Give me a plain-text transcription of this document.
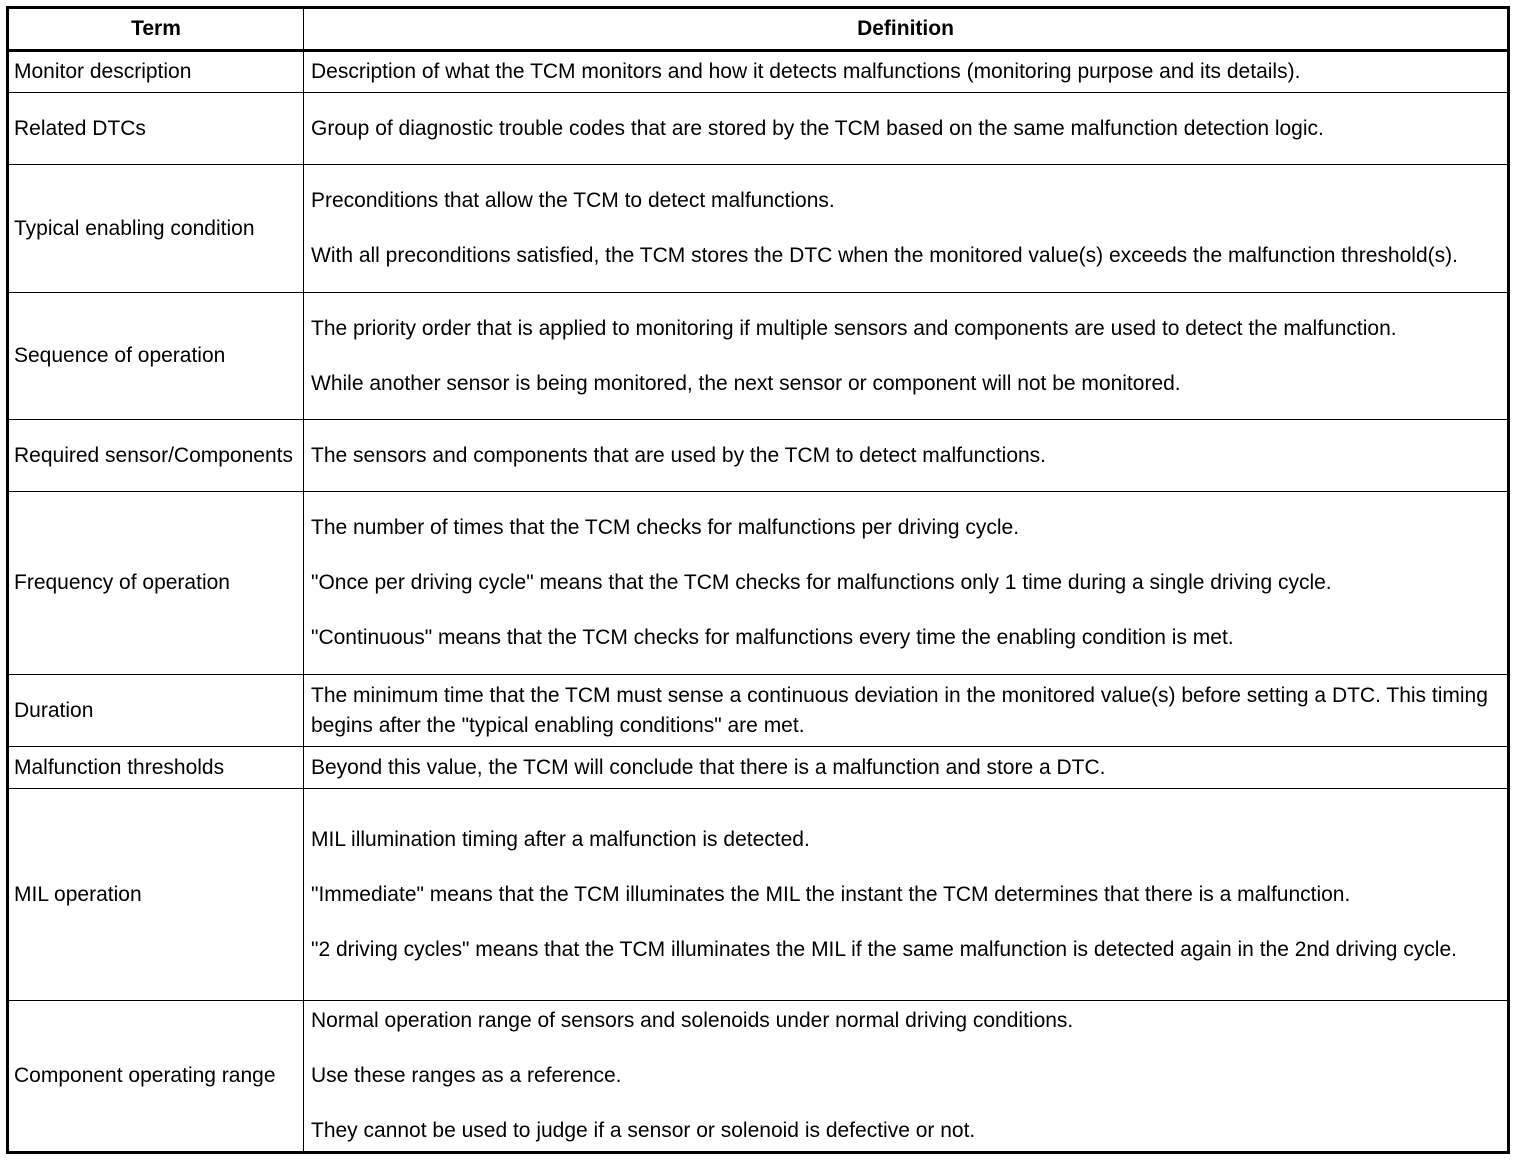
Term	Definition
Monitor description	Description of what the TCM monitors and how it detects malfunctions (monitoring purpose and its details).

Related DTCs	Group of diagnostic trouble codes that are stored by the TCM based on the same malfunction detection logic.

Typical enabling condition	Preconditions that allow the TCM to detect malfunctions.

With all preconditions satisfied, the TCM stores the DTC when the monitored value(s) exceeds the malfunction threshold(s).

Sequence of operation	The priority order that is applied to monitoring if multiple sensors and components are used to detect the malfunction.

While another sensor is being monitored, the next sensor or component will not be monitored.

Required sensor/Components	The sensors and components that are used by the TCM to detect malfunctions.

Frequency of operation	The number of times that the TCM checks for malfunctions per driving cycle.

"Once per driving cycle" means that the TCM checks for malfunctions only 1 time during a single driving cycle.

"Continuous" means that the TCM checks for malfunctions every time the enabling condition is met.

Duration	The minimum time that the TCM must sense a continuous deviation in the monitored value(s) before setting a DTC. This timing begins after the "typical enabling conditions" are met.

Malfunction thresholds	Beyond this value, the TCM will conclude that there is a malfunction and store a DTC.

MIL operation	MIL illumination timing after a malfunction is detected.

"Immediate" means that the TCM illuminates the MIL the instant the TCM determines that there is a malfunction.

"2 driving cycles" means that the TCM illuminates the MIL if the same malfunction is detected again in the 2nd driving cycle.

Component operating range	Normal operation range of sensors and solenoids under normal driving conditions.

Use these ranges as a reference.

They cannot be used to judge if a sensor or solenoid is defective or not.
